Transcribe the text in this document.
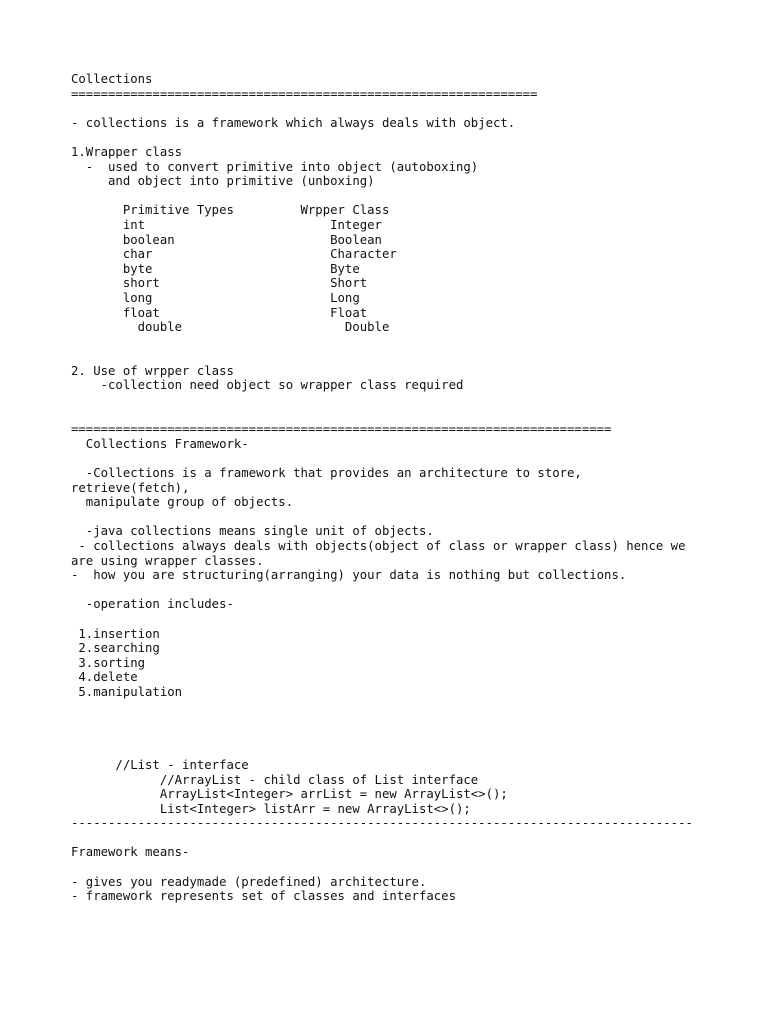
Collections
===============================================================
- collections is a framework which always deals with object.
1.Wrapper class
-  used to convert primitive into object (autoboxing)
and object into primitive (unboxing)
Primitive Types         Wrpper Class
int                         Integer
boolean                     Boolean
char                        Character
byte                        Byte
short                       Short
long                        Long
float                       Float
double                      Double
2. Use of wrpper class
-collection need object so wrapper class required
=========================================================================
Collections Framework-
-Collections is a framework that provides an architecture to store,
retrieve(fetch),
manipulate group of objects.
-java collections means single unit of objects.
- collections always deals with objects(object of class or wrapper class) hence we
are using wrapper classes.
-  how you are structuring(arranging) your data is nothing but collections.
-operation includes-
1.insertion
2.searching
3.sorting
4.delete
5.manipulation
//List - interface
//ArrayList - child class of List interface
ArrayList<Integer> arrList = new ArrayList<>();
List<Integer> listArr = new ArrayList<>();
------------------------------------------------------------------------------------
Framework means-
- gives you readymade (predefined) architecture.
- framework represents set of classes and interfaces
